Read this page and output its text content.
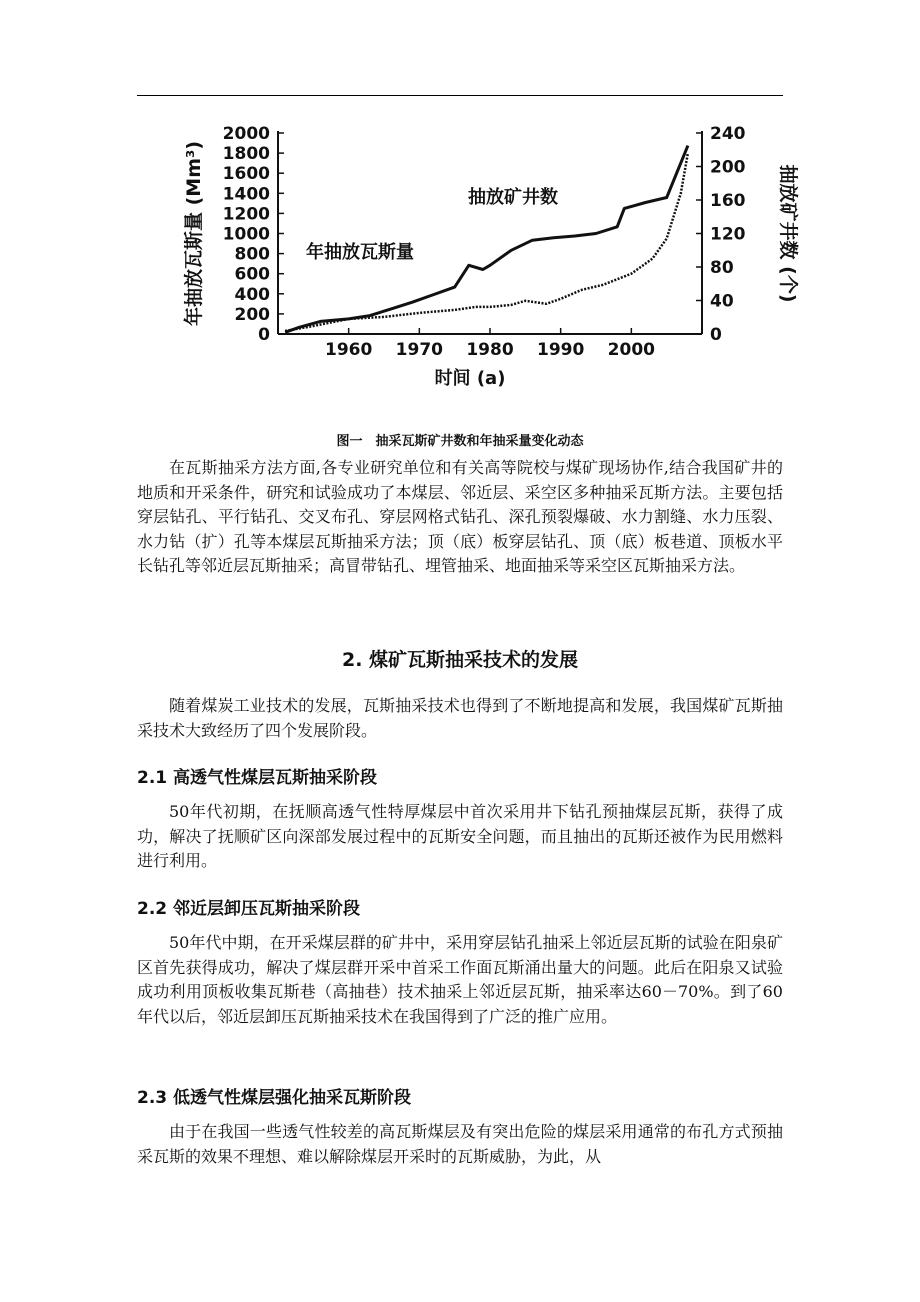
2000
1800
1600
1400
1200
1000
800
600
400
200
0
240
200
160
120
80
40
0
1960 1970 1980 1990 2000
时间 (a)
年抽放瓦斯量 (Mm³)	抽放矿井数 (个)
抽放矿井数
年抽放瓦斯量
图一　抽采瓦斯矿井数和年抽采量变化动态

在瓦斯抽采方法方面,各专业研究单位和有关高等院校与煤矿现场协作,结合我国矿井的地质和开采条件，研究和试验成功了本煤层、邻近层、采空区多种抽采瓦斯方法。主要包括穿层钻孔、平行钻孔、交叉布孔、穿层网格式钻孔、深孔预裂爆破、水力割缝、水力压裂、水力钻（扩）孔等本煤层瓦斯抽采方法；顶（底）板穿层钻孔、顶（底）板巷道、顶板水平长钻孔等邻近层瓦斯抽采；高冒带钻孔、埋管抽采、地面抽采等采空区瓦斯抽采方法。

2. 煤矿瓦斯抽采技术的发展

随着煤炭工业技术的发展，瓦斯抽采技术也得到了不断地提高和发展，我国煤矿瓦斯抽采技术大致经历了四个发展阶段。

2.1 高透气性煤层瓦斯抽采阶段

50年代初期，在抚顺高透气性特厚煤层中首次采用井下钻孔预抽煤层瓦斯，获得了成功，解决了抚顺矿区向深部发展过程中的瓦斯安全问题，而且抽出的瓦斯还被作为民用燃料进行利用。

2.2 邻近层卸压瓦斯抽采阶段

50年代中期，在开采煤层群的矿井中，采用穿层钻孔抽采上邻近层瓦斯的试验在阳泉矿区首先获得成功，解决了煤层群开采中首采工作面瓦斯涌出量大的问题。此后在阳泉又试验成功利用顶板收集瓦斯巷（高抽巷）技术抽采上邻近层瓦斯，抽采率达60－70%。到了60年代以后，邻近层卸压瓦斯抽采技术在我国得到了广泛的推广应用。

2.3 低透气性煤层强化抽采瓦斯阶段

由于在我国一些透气性较差的高瓦斯煤层及有突出危险的煤层采用通常的布孔方式预抽采瓦斯的效果不理想、难以解除煤层开采时的瓦斯威胁，为此，从
